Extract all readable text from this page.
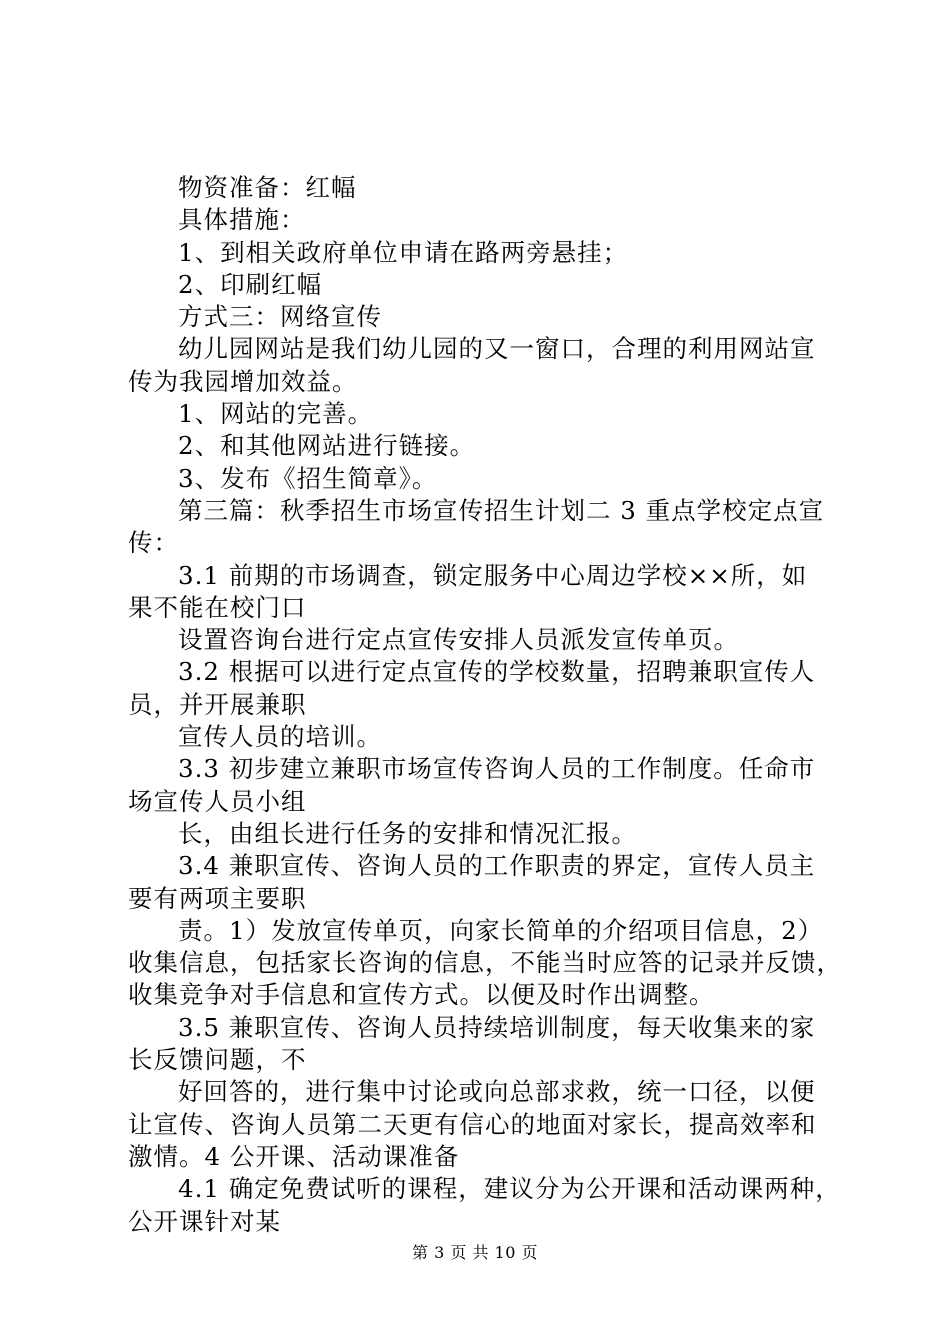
物资准备：红幅

具体措施：

1、到相关政府单位申请在路两旁悬挂；

2、印刷红幅

方式三：网络宣传

幼儿园网站是我们幼儿园的又一窗口，合理的利用网站宣

传为我园增加效益。

1、网站的完善。

2、和其他网站进行链接。

3、发布《招生简章》。

第三篇：秋季招生市场宣传招生计划二 3 重点学校定点宣

传：

3.1 前期的市场调查，锁定服务中心周边学校××所，如

果不能在校门口

设置咨询台进行定点宣传安排人员派发宣传单页。

3.2 根据可以进行定点宣传的学校数量，招聘兼职宣传人

员，并开展兼职

宣传人员的培训。

3.3 初步建立兼职市场宣传咨询人员的工作制度。任命市

场宣传人员小组

长，由组长进行任务的安排和情况汇报。

3.4 兼职宣传、咨询人员的工作职责的界定，宣传人员主

要有两项主要职

责。1）发放宣传单页，向家长简单的介绍项目信息，2）

收集信息，包括家长咨询的信息，不能当时应答的记录并反馈，

收集竞争对手信息和宣传方式。以便及时作出调整。

3.5 兼职宣传、咨询人员持续培训制度，每天收集来的家

长反馈问题，不

好回答的，进行集中讨论或向总部求救，统一口径，以便

让宣传、咨询人员第二天更有信心的地面对家长，提高效率和

激情。4 公开课、活动课准备

4.1 确定免费试听的课程，建议分为公开课和活动课两种，

公开课针对某

第 3 页 共 10 页
